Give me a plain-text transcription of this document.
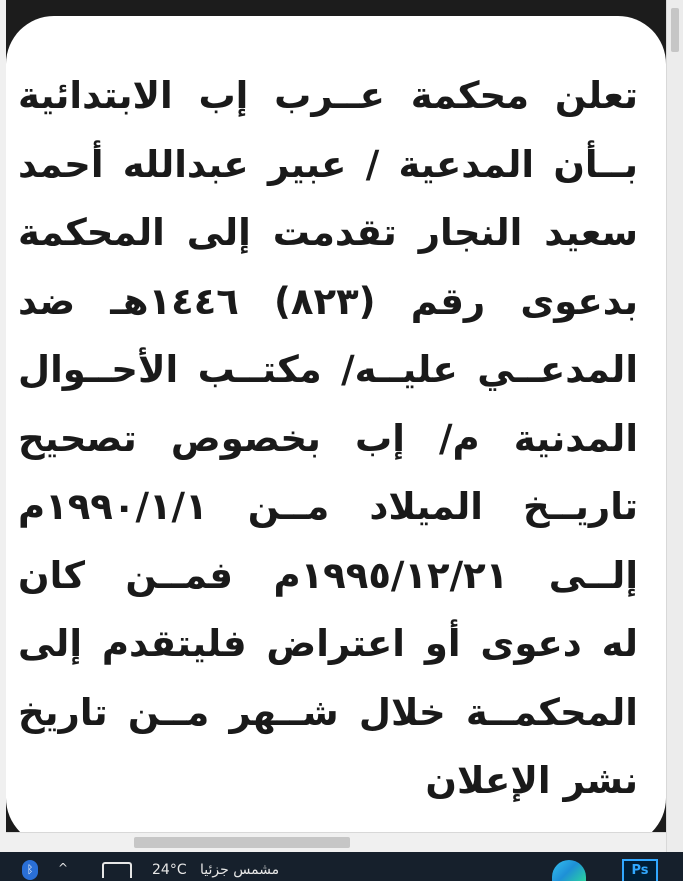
تعلن محكمة عــرب إب الابتدائية
بــأن المدعية / عبير عبدالله أحمد
سعيد النجار تقدمت إلى المحكمة
بدعوى رقم (٨٢٣) ١٤٤٦هـ ضد
المدعــي عليــه/ مكتــب الأحــوال
المدنية م/ إب بخصوص تصحيح
تاريــخ الميلاد مــن ١٩٩٠/١/١م
إلــى ١٩٩٥/١٢/٢١م فمــن كان
له دعوى أو اعتراض فليتقدم إلى
المحكمــة خلال شــهر مــن تاريخ
نشر الإعلان
ᛒ	^	24°C مشمس جزئيا	Ps
